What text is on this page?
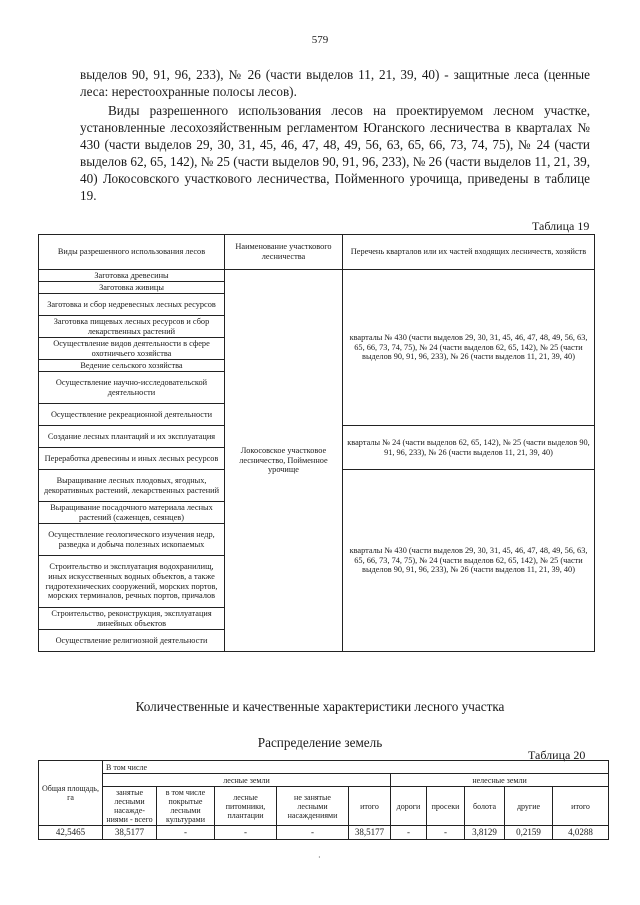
579

выделов 90, 91, 96, 233), № 26 (части выделов 11, 21, 39, 40) - защитные леса (ценные леса: нерестоохранные полосы лесов).

Виды разрешенного использования лесов на проектируемом лесном участке, установленные лесохозяйственным регламентом Юганского лесничества в кварталах № 430 (части выделов 29, 30, 31, 45, 46, 47, 48, 49, 56, 63, 65, 66, 73, 74, 75), № 24 (части выделов 62, 65, 142), № 25 (части выделов 90, 91, 96, 233), № 26 (части выделов 11, 21, 39, 40) Локосовского участкового лесничества, Пойменного урочища, приведены в таблице 19.

Таблица 19
Виды разрешенного использования лесов	Наименование участкового лесничества	Перечень кварталов или их частей входящих лесничеств, хозяйств
Заготовка древесины	Локосовское участковое лесничество, Пойменное урочище	кварталы № 430 (части выделов 29, 30, 31, 45, 46, 47, 48, 49, 56, 63, 65, 66, 73, 74, 75), № 24 (части выделов 62, 65, 142), № 25 (части выделов 90, 91, 96, 233), № 26 (части выделов 11, 21, 39, 40)
Заготовка живицы		
Заготовка и сбор недревесных лесных ресурсов		
Заготовка пищевых лесных ресурсов и сбор лекарственных растений		
Осуществление видов деятельности в сфере охотничьего хозяйства		
Ведение сельского хозяйства		
Осуществление научно-исследовательской деятельности		
Осуществление рекреационной деятельности		
Создание лесных плантаций и их эксплуатация		кварталы № 24 (части выделов 62, 65, 142), № 25 (части выделов 90, 91, 96, 233), № 26 (части выделов 11, 21, 39, 40)
Переработка древесины и иных лесных ресурсов		
Выращивание лесных плодовых, ягодных, декоративных растений, лекарственных растений		кварталы № 430 (части выделов 29, 30, 31, 45, 46, 47, 48, 49, 56, 63, 65, 66, 73, 74, 75), № 24 (части выделов 62, 65, 142), № 25 (части выделов 90, 91, 96, 233), № 26 (части выделов 11, 21, 39, 40)
Выращивание посадочного материала лесных растений (саженцев, сеянцев)		
Осуществление геологического изучения недр, разведка и добыча полезных ископаемых		
Строительство и эксплуатация водохранилищ, иных искусственных водных объектов, а также гидротехнических сооружений, морских портов, морских терминалов, речных портов, причалов		
Строительство, реконструкция, эксплуатация линейных объектов		
Осуществление религиозной деятельности		
Количественные и качественные характеристики лесного участка
Распределение земель
Таблица 20
Общая площадь, га	В том числе									
	лесные земли					нелесные земли				
	занятые лесными насажде-ниями - всего	в том числе покрытые лесными культурами	лесные питомники, плантации	не занятые лесными насаждениями	итого	дороги	просеки	болота	другие	итого
42,5465	38,5177	-	-	-	38,5177	-	-	3,8129	0,2159	4,0288
·
